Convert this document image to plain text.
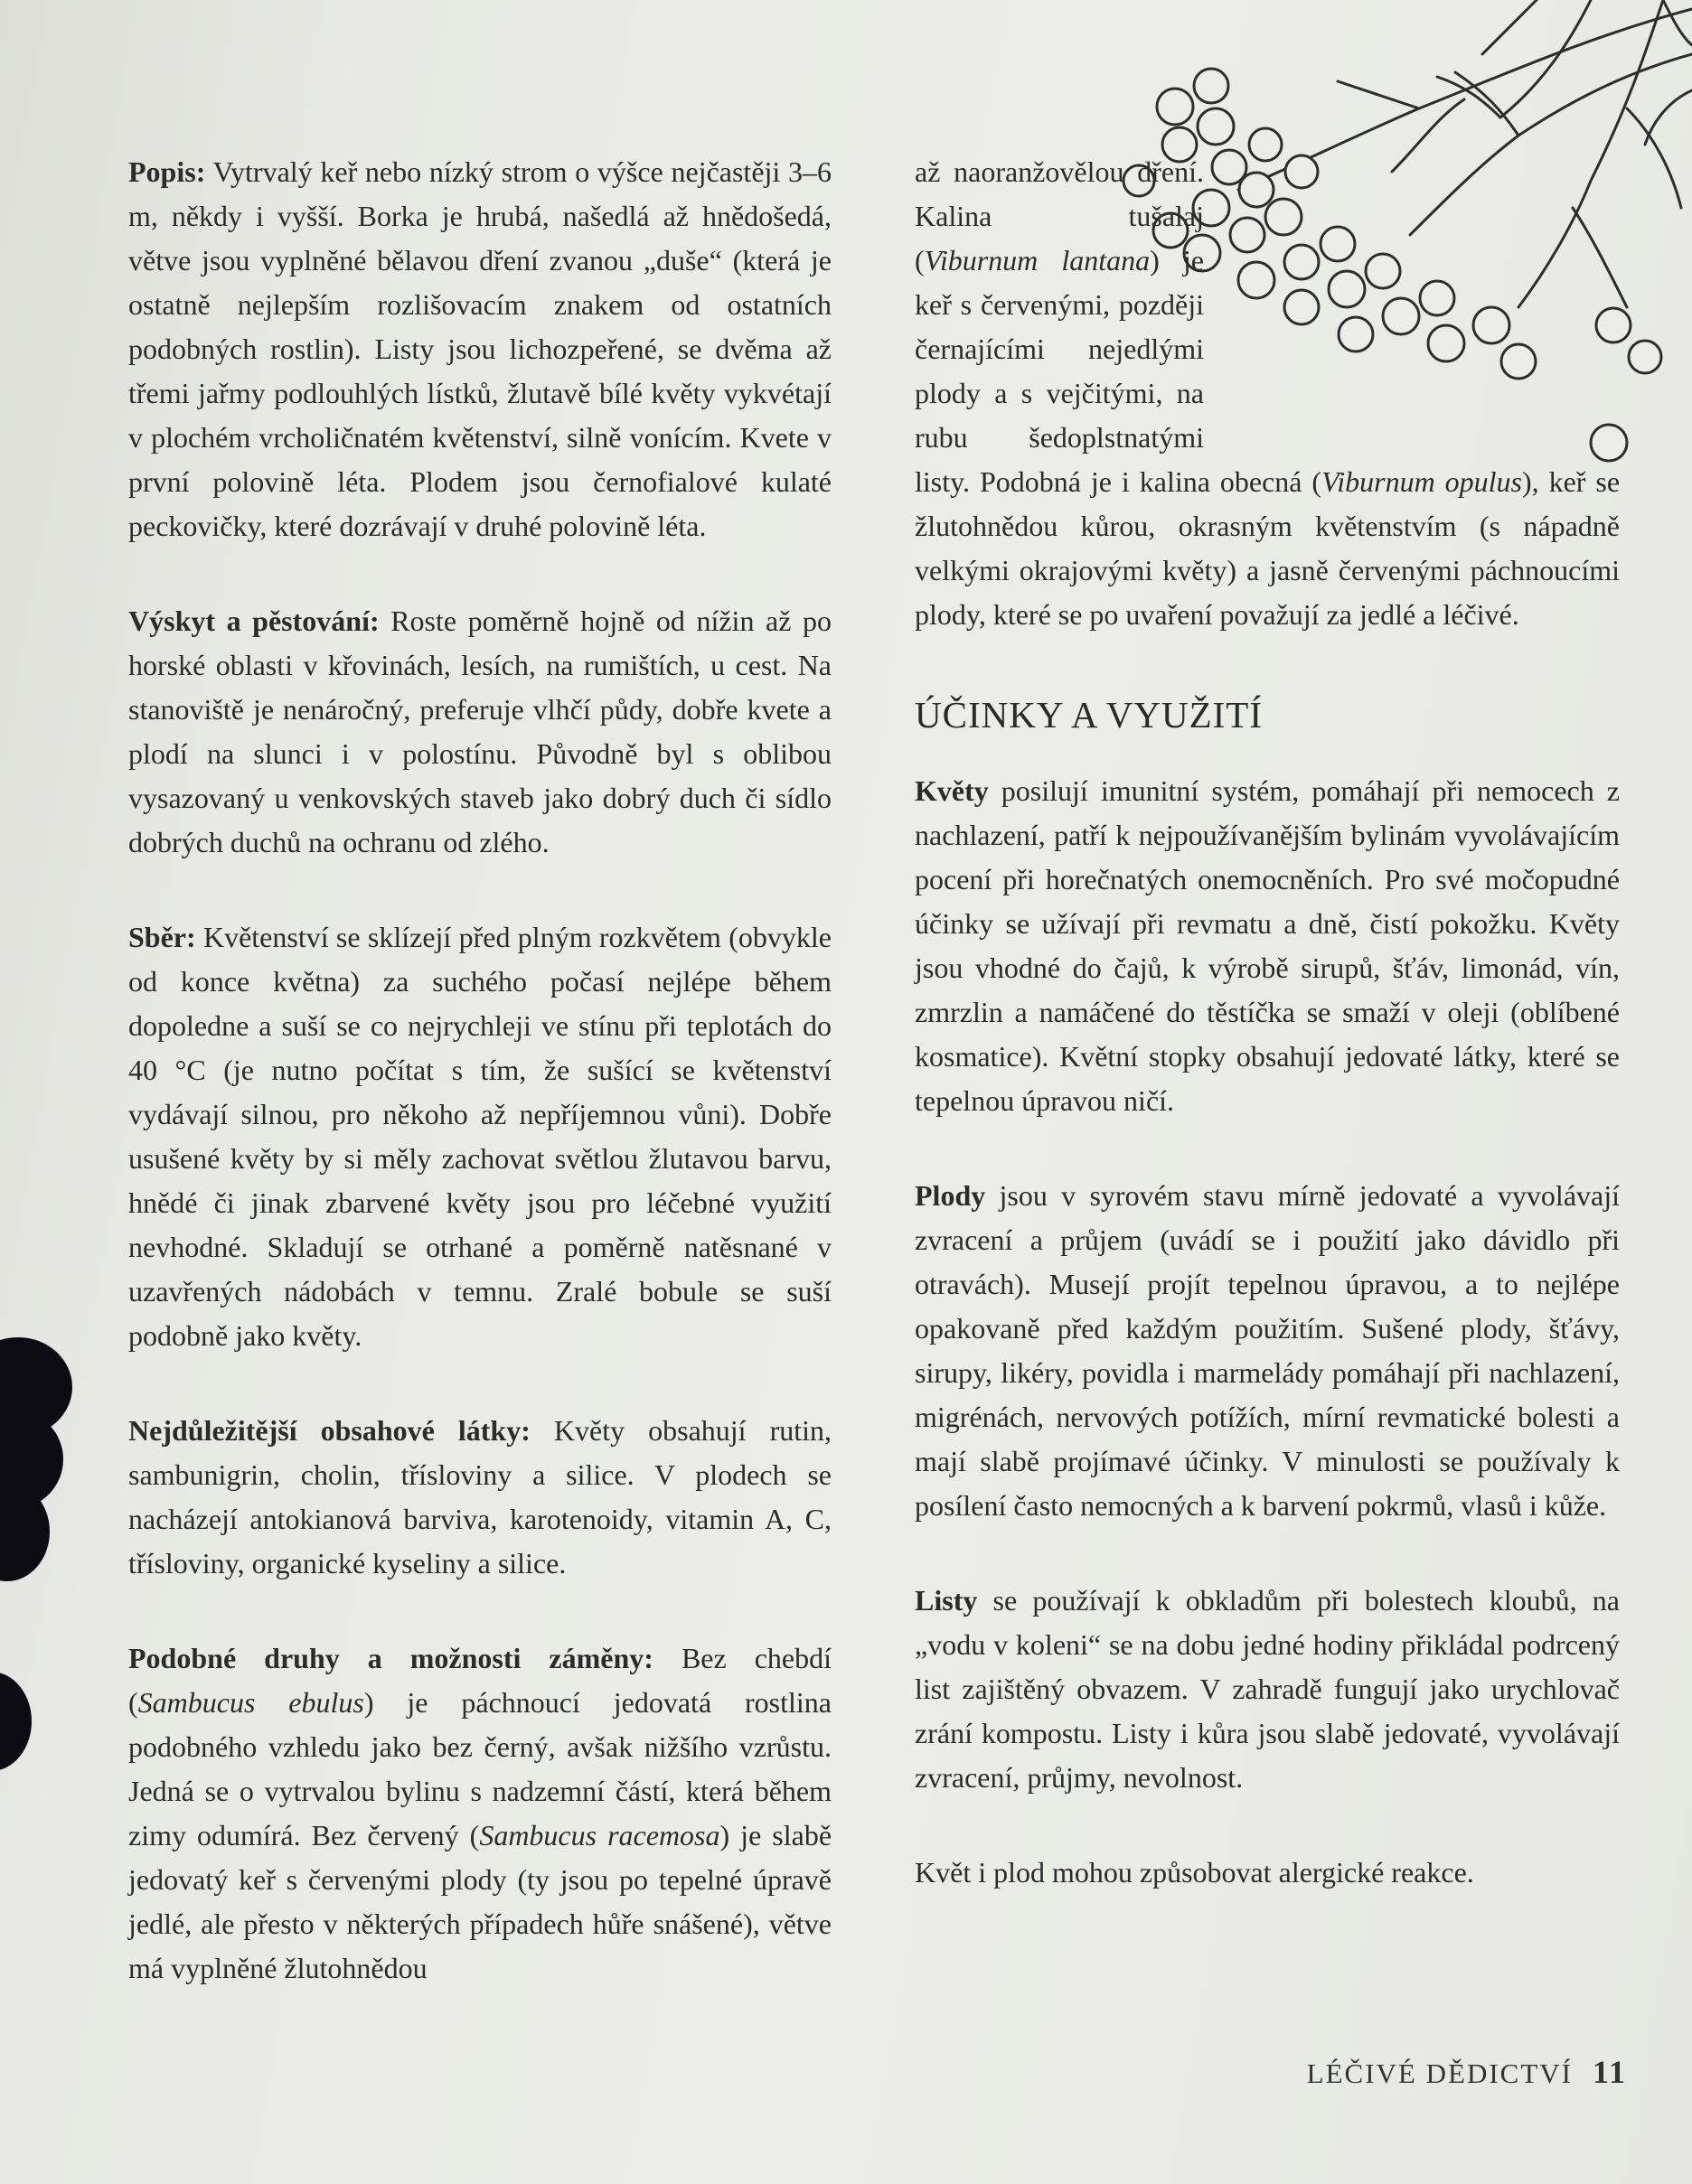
Popis: Vytrvalý keř nebo nízký strom o výšce nejčastěji 3–6 m, někdy i vyšší. Borka je hrubá, našedlá až hnědošedá, větve jsou vyplněné bělavou dření zvanou „duše“ (která je ostatně nejlepším rozlišovacím znakem od ostatních podobných rostlin). Listy jsou lichozpeřené, se dvěma až třemi jařmy podlouhlých lístků, žlutavě bílé květy vykvétají v plochém vrcholičnatém květenství, silně vonícím. Kvete v první polovině léta. Plodem jsou černofialové kulaté peckovičky, které dozrávají v druhé polovině léta.

Výskyt a pěstování: Roste poměrně hojně od nížin až po horské oblasti v křovinách, lesích, na rumištích, u cest. Na stanoviště je nenáročný, preferuje vlhčí půdy, dobře kvete a plodí na slunci i v polostínu. Původně byl s oblibou vysazovaný u venkovských staveb jako dobrý duch či sídlo dobrých duchů na ochranu od zlého.

Sběr: Květenství se sklízejí před plným rozkvětem (obvykle od konce května) za suchého počasí nejlépe během dopoledne a suší se co nejrychleji ve stínu při teplotách do 40 °C (je nutno počítat s tím, že sušící se květenství vydávají silnou, pro někoho až nepříjemnou vůni). Dobře usušené květy by si měly zachovat světlou žlutavou barvu, hnědé či jinak zbarvené květy jsou pro léčebné využití nevhodné. Skladují se otrhané a poměrně natěsnané v uzavřených nádobách v temnu. Zralé bobule se suší podobně jako květy.

Nejdůležitější obsahové látky: Květy obsahují rutin, sambunigrin, cholin, třísloviny a silice. V plodech se nacházejí antokianová barviva, karotenoidy, vitamin A, C, třísloviny, organické kyseliny a silice.

Podobné druhy a možnosti záměny: Bez chebdí (Sambucus ebulus) je páchnoucí jedovatá rostlina podobného vzhledu jako bez černý, avšak nižšího vzrůstu. Jedná se o vytrvalou bylinu s nadzemní částí, která během zimy odumírá. Bez červený (Sambucus racemosa) je slabě jedovatý keř s červenými plody (ty jsou po tepelné úpravě jedlé, ale přesto v některých případech hůře snášené), větve má vyplněné žlutohnědou

až naoranžovělou dření. Kalina tušalaj (Viburnum lantana) je keř s červenými, později černajícími nejedlými plody a s vejčitými, na rubu šedoplstnatými listy. Podobná je i kalina obecná (Viburnum opulus), keř se žlutohnědou kůrou, okrasným květenstvím (s nápadně velkými okrajovými květy) a jasně červenými páchnoucími plody, které se po uvaření považují za jedlé a léčivé.

ÚČINKY A VYUŽITÍ

Květy posilují imunitní systém, pomáhají při nemocech z nachlazení, patří k nejpoužívanějším bylinám vyvolávajícím pocení při horečnatých onemocněních. Pro své močopudné účinky se užívají při revmatu a dně, čistí pokožku. Květy jsou vhodné do čajů, k výrobě sirupů, šťáv, limonád, vín, zmrzlin a namáčené do těstíčka se smaží v oleji (oblíbené kosmatice). Květní stopky obsahují jedovaté látky, které se tepelnou úpravou ničí.

Plody jsou v syrovém stavu mírně jedovaté a vyvolávají zvracení a průjem (uvádí se i použití jako dávidlo při otravách). Musejí projít tepelnou úpravou, a to nejlépe opakovaně před každým použitím. Sušené plody, šťávy, sirupy, likéry, povidla i marmelády pomáhají při nachlazení, migrénách, nervových potížích, mírní revmatické bolesti a mají slabě projímavé účinky. V minulosti se používaly k posílení často nemocných a k barvení pokrmů, vlasů i kůže.

Listy se používají k obkladům při bolestech kloubů, na „vodu v koleni“ se na dobu jedné hodiny přikládal podrcený list zajištěný obvazem. V zahradě fungují jako urychlovač zrání kompostu. Listy i kůra jsou slabě jedovaté, vyvolávají zvracení, průjmy, nevolnost.

Květ i plod mohou způsobovat alergické reakce.

LÉČIVÉ DĚDICTVÍ 11
